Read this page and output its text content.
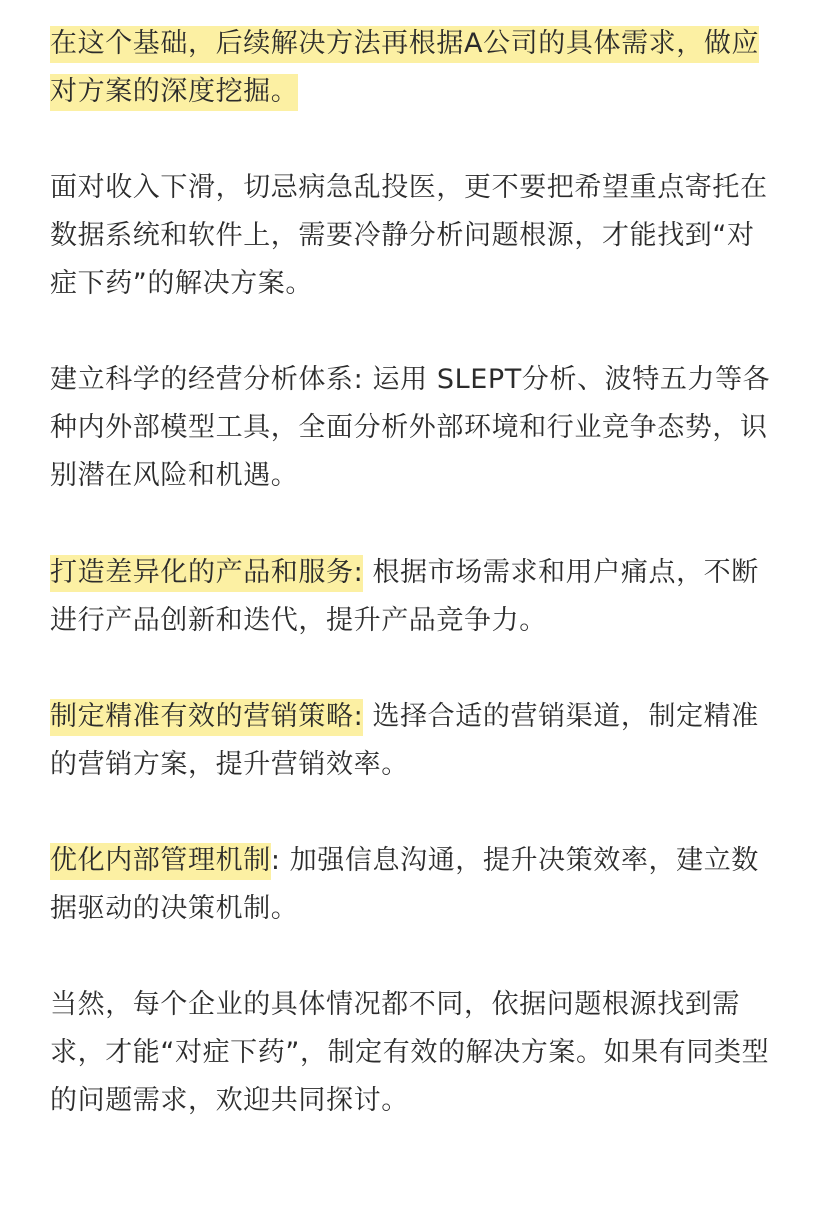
在这个基础，后续解决方法再根据A公司的具体需求，做应对方案的深度挖掘。

面对收入下滑，切忌病急乱投医，更不要把希望重点寄托在数据系统和软件上，需要冷静分析问题根源，才能找到“对症下药”的解决方案。

建立科学的经营分析体系: 运用 SLEPT分析、波特五力等各种内外部模型工具，全面分析外部环境和行业竞争态势，识别潜在风险和机遇。

打造差异化的产品和服务: 根据市场需求和用户痛点，不断进行产品创新和迭代，提升产品竞争力。

制定精准有效的营销策略: 选择合适的营销渠道，制定精准的营销方案，提升营销效率。

优化内部管理机制: 加强信息沟通，提升决策效率，建立数据驱动的决策机制。

当然，每个企业的具体情况都不同，依据问题根源找到需求，才能“对症下药”，制定有效的解决方案。如果有同类型的问题需求，欢迎共同探讨。
